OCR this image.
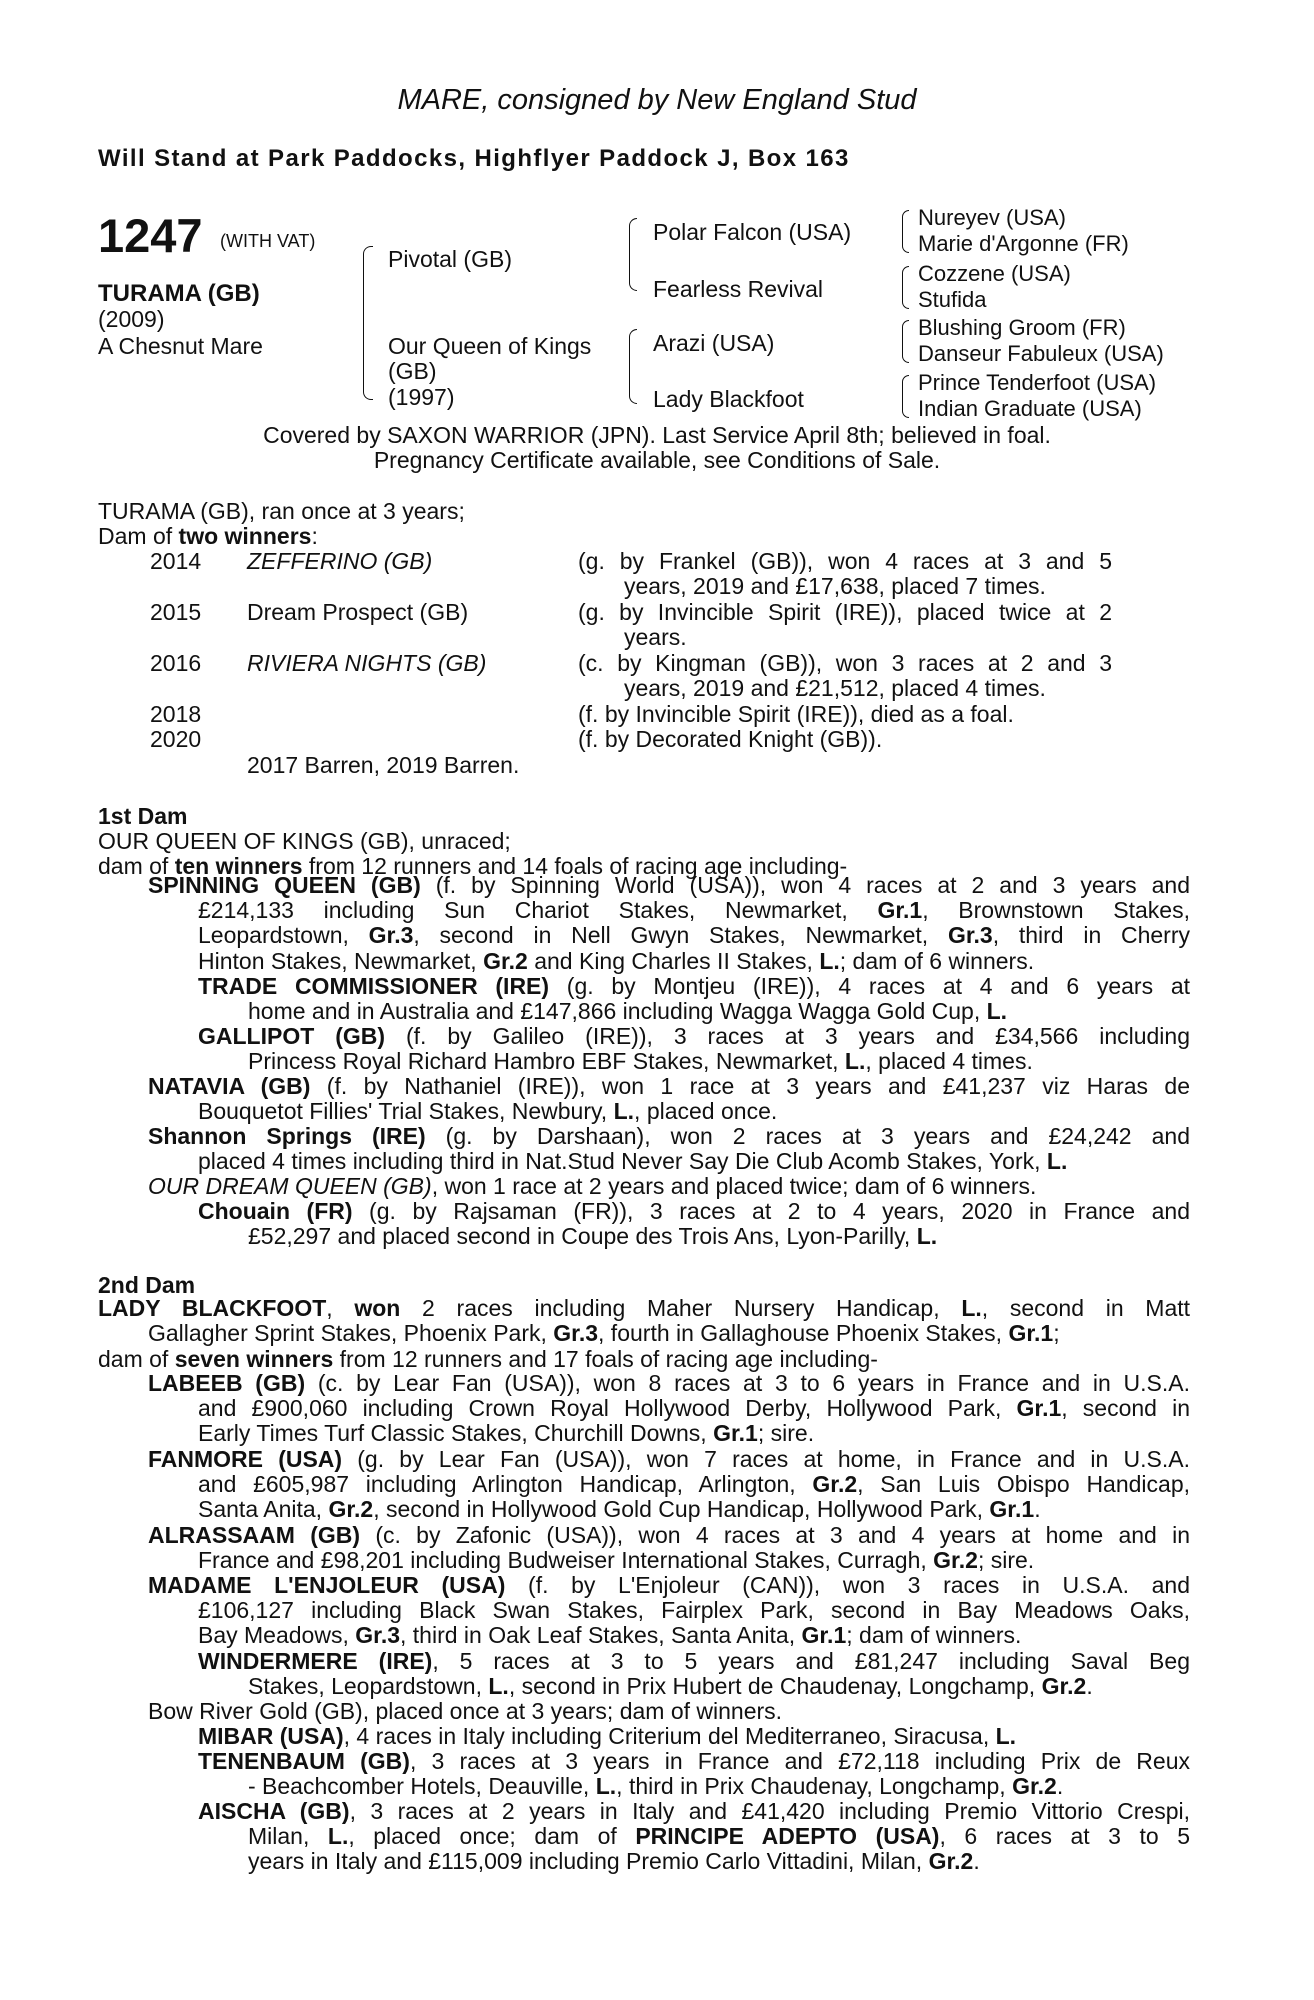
MARE, consigned by New England Stud
Will Stand at Park Paddocks, Highflyer Paddock J, Box 163
1247 (WITH VAT)
TURAMA (GB)
(2009)
A Chesnut Mare
Pivotal (GB)
Our Queen of Kings
(GB)
(1997)
Polar Falcon (USA)
Fearless Revival
Arazi (USA)
Lady Blackfoot
Nureyev (USA)
Marie d'Argonne (FR)
Cozzene (USA)
Stufida
Blushing Groom (FR)
Danseur Fabuleux (USA)
Prince Tenderfoot (USA)
Indian Graduate (USA)
Covered by SAXON WARRIOR (JPN). Last Service April 8th; believed in foal.
Pregnancy Certificate available, see Conditions of Sale.
TURAMA (GB), ran once at 3 years;
Dam of two winners:
2014 ZEFFERINO (GB)	(g. by Frankel (GB)), won 4 races at 3 and 5
years, 2019 and £17,638, placed 7 times.
2015 Dream Prospect (GB)	(g. by Invincible Spirit (IRE)), placed twice at 2
years.
2016 RIVIERA NIGHTS (GB)	(c. by Kingman (GB)), won 3 races at 2 and 3
years, 2019 and £21,512, placed 4 times.
2018	(f. by Invincible Spirit (IRE)), died as a foal.
2020	(f. by Decorated Knight (GB)).
2017 Barren, 2019 Barren.
1st Dam
OUR QUEEN OF KINGS (GB), unraced;
dam of ten winners from 12 runners and 14 foals of racing age including-
SPINNING QUEEN (GB) (f. by Spinning World (USA)), won 4 races at 2 and 3 years and
£214,133 including Sun Chariot Stakes, Newmarket, Gr.1, Brownstown Stakes,
Leopardstown, Gr.3, second in Nell Gwyn Stakes, Newmarket, Gr.3, third in Cherry
Hinton Stakes, Newmarket, Gr.2 and King Charles II Stakes, L.; dam of 6 winners.
TRADE COMMISSIONER (IRE) (g. by Montjeu (IRE)), 4 races at 4 and 6 years at
home and in Australia and £147,866 including Wagga Wagga Gold Cup, L.
GALLIPOT (GB) (f. by Galileo (IRE)), 3 races at 3 years and £34,566 including
Princess Royal Richard Hambro EBF Stakes, Newmarket, L., placed 4 times.
NATAVIA (GB) (f. by Nathaniel (IRE)), won 1 race at 3 years and £41,237 viz Haras de
Bouquetot Fillies' Trial Stakes, Newbury, L., placed once.
Shannon Springs (IRE) (g. by Darshaan), won 2 races at 3 years and £24,242 and
placed 4 times including third in Nat.Stud Never Say Die Club Acomb Stakes, York, L.
OUR DREAM QUEEN (GB), won 1 race at 2 years and placed twice; dam of 6 winners.
Chouain (FR) (g. by Rajsaman (FR)), 3 races at 2 to 4 years, 2020 in France and
£52,297 and placed second in Coupe des Trois Ans, Lyon-Parilly, L.
2nd Dam
LADY BLACKFOOT, won 2 races including Maher Nursery Handicap, L., second in Matt
Gallagher Sprint Stakes, Phoenix Park, Gr.3, fourth in Gallaghouse Phoenix Stakes, Gr.1;
dam of seven winners from 12 runners and 17 foals of racing age including-
LABEEB (GB) (c. by Lear Fan (USA)), won 8 races at 3 to 6 years in France and in U.S.A.
and £900,060 including Crown Royal Hollywood Derby, Hollywood Park, Gr.1, second in
Early Times Turf Classic Stakes, Churchill Downs, Gr.1; sire.
FANMORE (USA) (g. by Lear Fan (USA)), won 7 races at home, in France and in U.S.A.
and £605,987 including Arlington Handicap, Arlington, Gr.2, San Luis Obispo Handicap,
Santa Anita, Gr.2, second in Hollywood Gold Cup Handicap, Hollywood Park, Gr.1.
ALRASSAAM (GB) (c. by Zafonic (USA)), won 4 races at 3 and 4 years at home and in
France and £98,201 including Budweiser International Stakes, Curragh, Gr.2; sire.
MADAME L'ENJOLEUR (USA) (f. by L'Enjoleur (CAN)), won 3 races in U.S.A. and
£106,127 including Black Swan Stakes, Fairplex Park, second in Bay Meadows Oaks,
Bay Meadows, Gr.3, third in Oak Leaf Stakes, Santa Anita, Gr.1; dam of winners.
WINDERMERE (IRE), 5 races at 3 to 5 years and £81,247 including Saval Beg
Stakes, Leopardstown, L., second in Prix Hubert de Chaudenay, Longchamp, Gr.2.
Bow River Gold (GB), placed once at 3 years; dam of winners.
MIBAR (USA), 4 races in Italy including Criterium del Mediterraneo, Siracusa, L.
TENENBAUM (GB), 3 races at 3 years in France and £72,118 including Prix de Reux
- Beachcomber Hotels, Deauville, L., third in Prix Chaudenay, Longchamp, Gr.2.
AISCHA (GB), 3 races at 2 years in Italy and £41,420 including Premio Vittorio Crespi,
Milan, L., placed once; dam of PRINCIPE ADEPTO (USA), 6 races at 3 to 5
years in Italy and £115,009 including Premio Carlo Vittadini, Milan, Gr.2.
